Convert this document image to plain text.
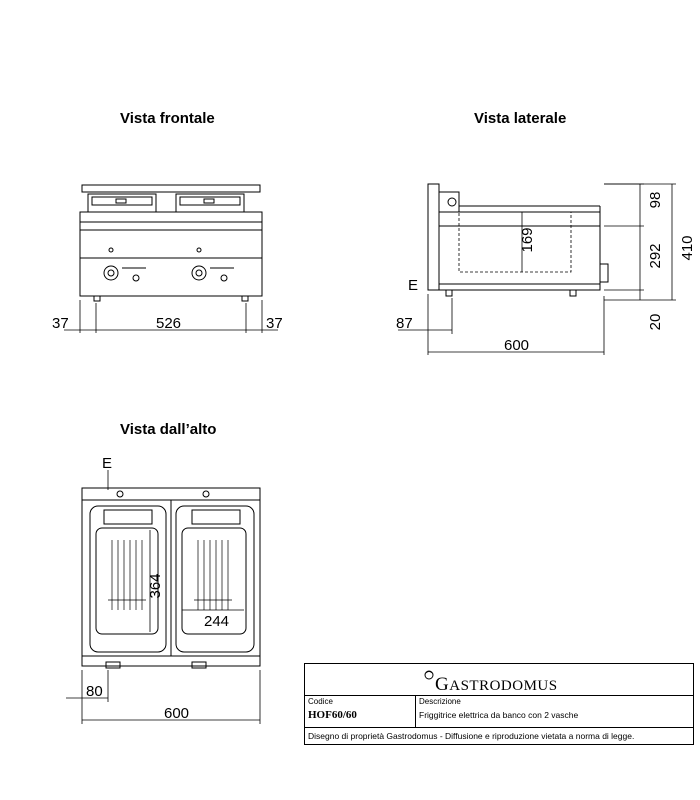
Vista frontale	Vista laterale
Vista dall’alto
37	526	37
169
98
292
20
410
E
87
600
364
244
E
80
600
GASTRODOMUS
Codice
HOF60/60
Descrizione
Friggitrice elettrica da banco con 2 vasche
Disegno di proprietà Gastrodomus - Diffusione e riproduzione vietata a norma di legge.
